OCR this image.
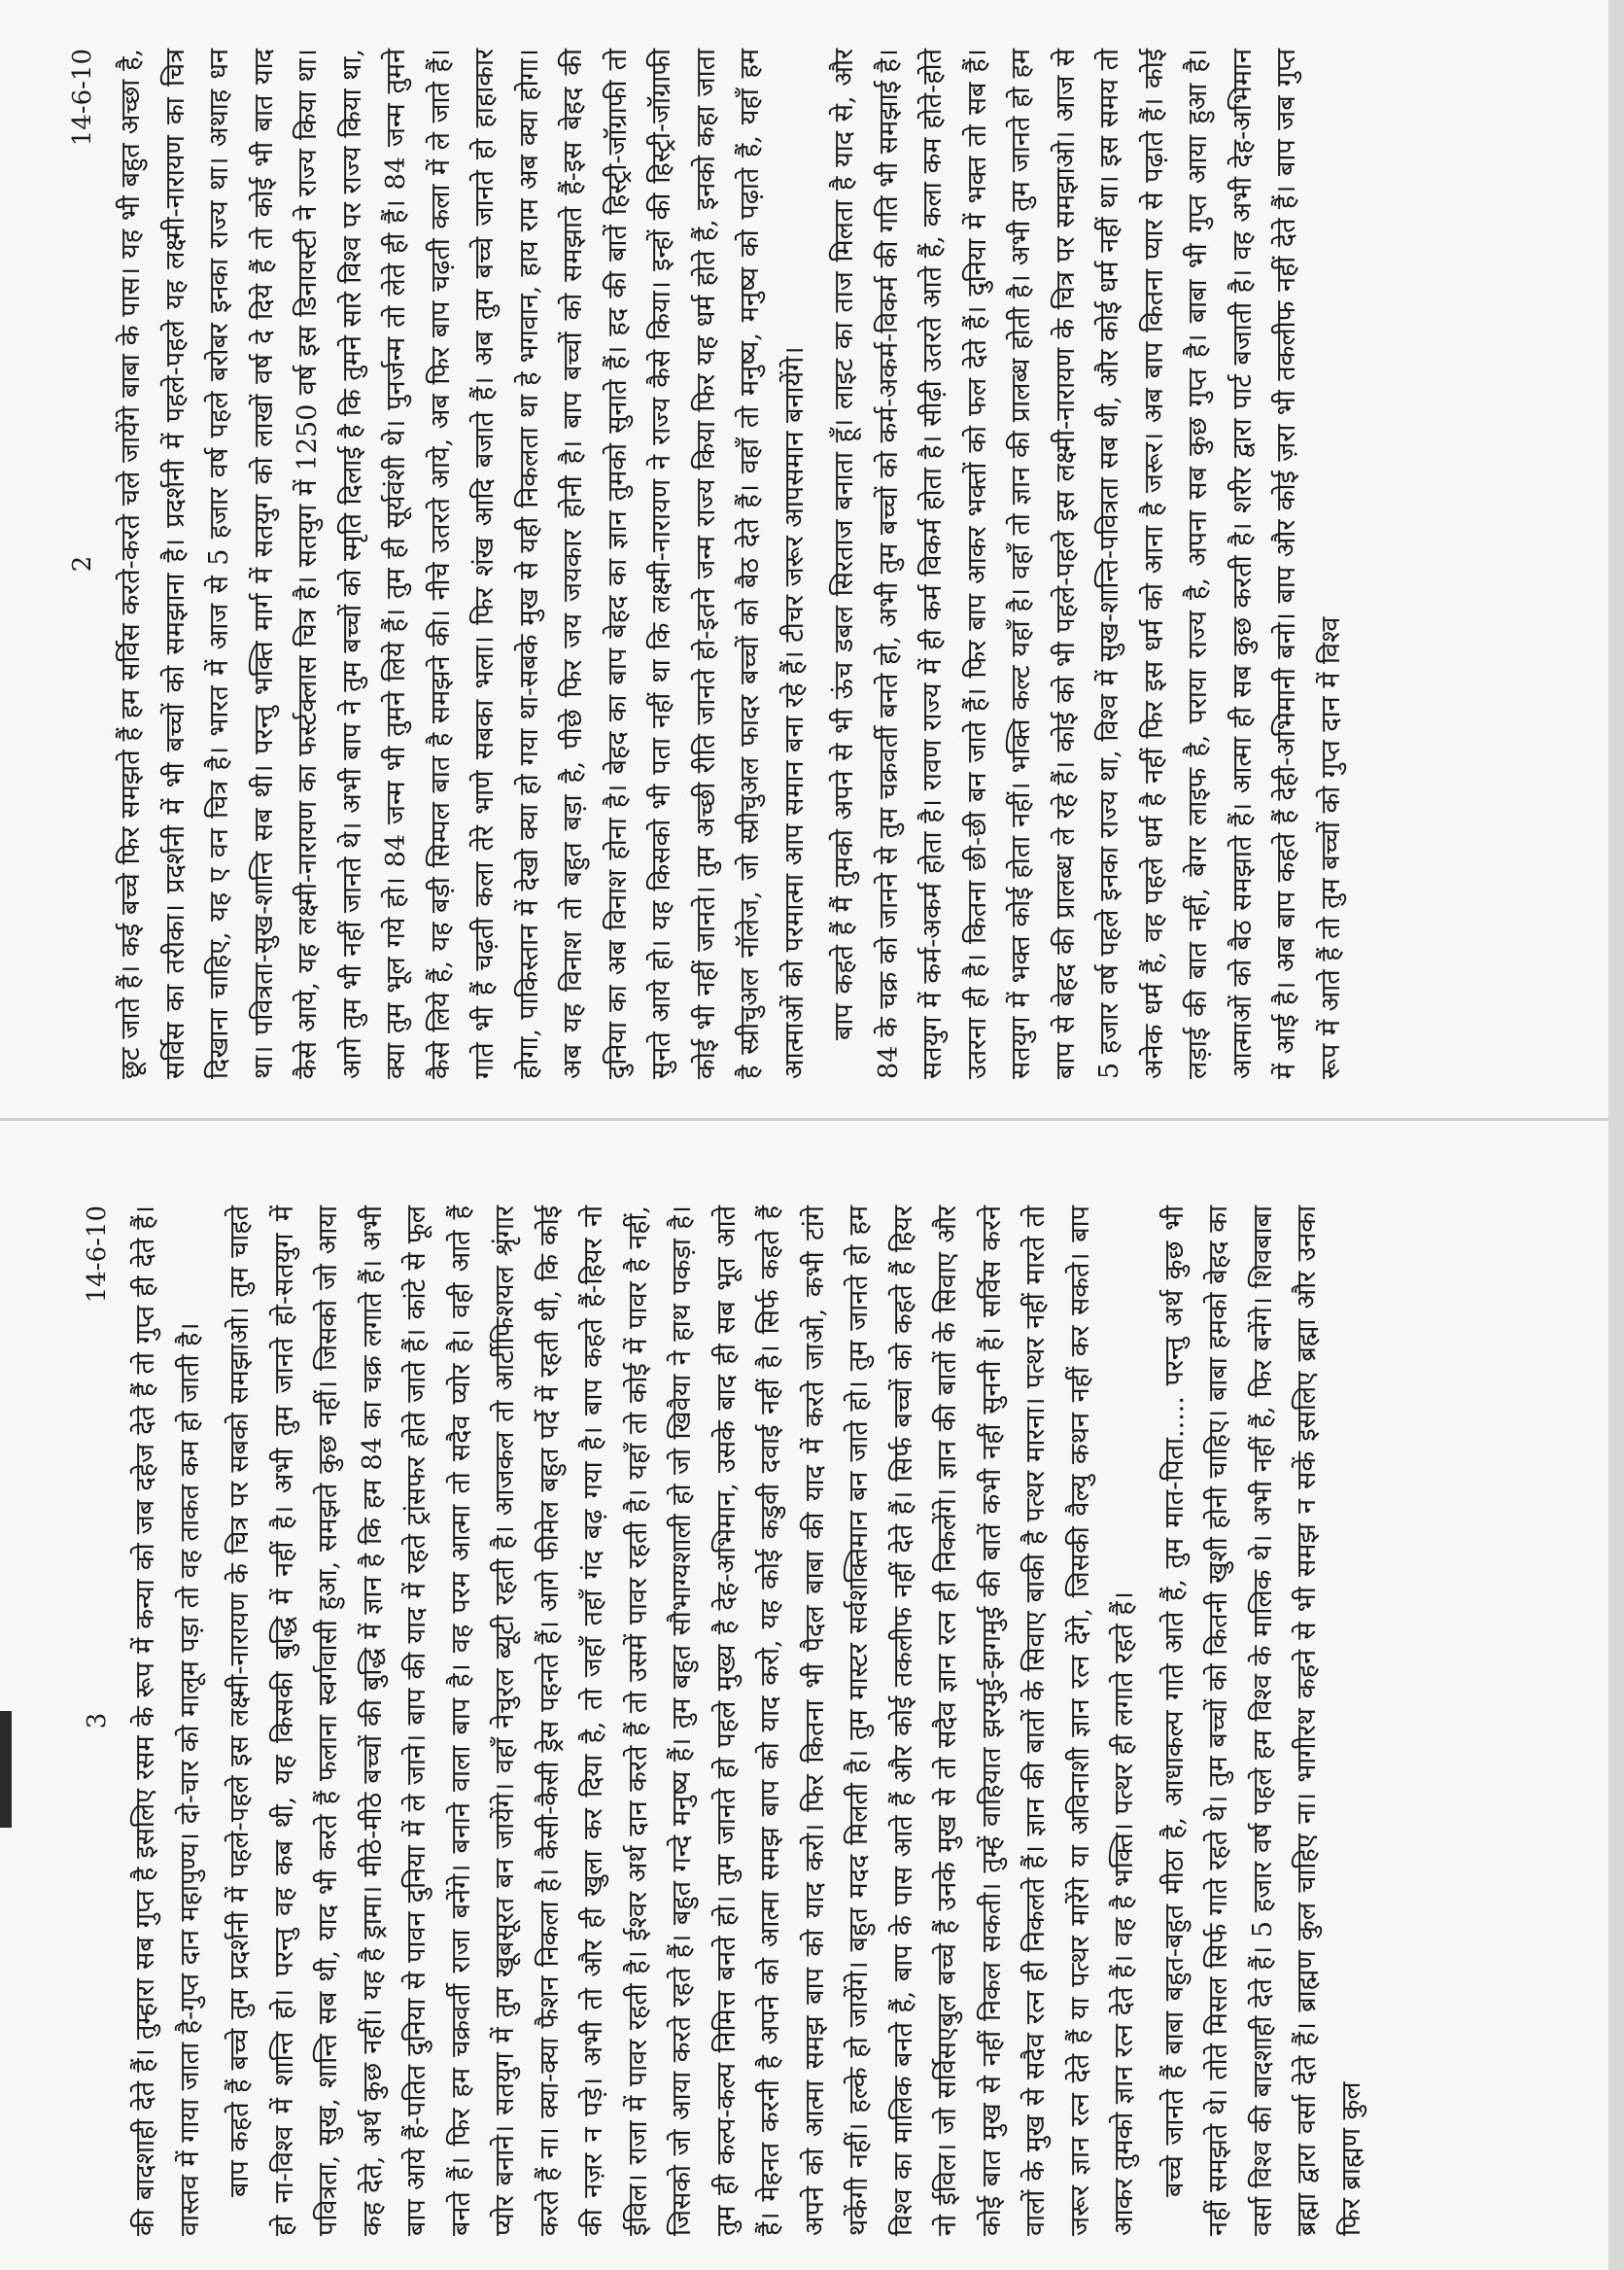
2
14-6-10 छूट जाते हैं। कई बच्चे फिर समझते हैं हम सर्विस करते-करते चले जायेंगे बाबा के पास। यह भी बहुत अच्छा है, सर्विस का तरीका। प्रदर्शनी में भी बच्चों को समझाना है। प्रदर्शनी में पहले-पहले यह लक्ष्मी-नारायण का चित्र दिखाना चाहिए, यह ए वन चित्र है। भारत में आज से 5 हजार वर्ष पहले बरोबर इनका राज्य था। अथाह धन था। पवित्रता-सुख-शान्ति सब थी। परन्तु भक्ति मार्ग में सतयुग को लाखों वर्ष दे दिये हैं तो कोई भी बात याद कैसे आये, यह लक्ष्मी-नारायण का फर्स्टक्लास चित्र है। सतयुग में 1250 वर्ष इस डिनायस्टी ने राज्य किया था। आगे तुम भी नहीं जानते थे। अभी बाप ने तुम बच्चों को स्मृति दिलाई है कि तुमने सारे विश्व पर राज्य किया था, क्या तुम भूल गये हो। 84 जन्म भी तुमने लिये हैं। तुम ही सूर्यवंशी थे। पुनर्जन्म तो लेते ही हैं। 84 जन्म तुमने कैसे लिये हैं, यह बड़ी सिम्पल बात है समझने की। नीचे उतरते आये, अब फिर बाप चढ़ती कला में ले जाते हैं। गाते भी हैं चढ़ती कला तेरे भाणे सबका भला। फिर शंख आदि बजाते हैं। अब तुम बच्चे जानते हो हाहाकार होगा, पाकिस्तान में देखो क्या हो गया था-सबके मुख से यही निकलता था हे भगवान, हाय राम अब क्या होगा। अब यह विनाश तो बहुत बड़ा है, पीछे फिर जय जयकार होनी है। बाप बच्चों को समझाते हैं-इस बेहद की दुनिया का अब विनाश होना है। बेहद का बाप बेहद का ज्ञान तुमको सुनाते हैं। हद की बातें हिस्ट्री-जॉग्राफी तो सुनते आये हो। यह किसको भी पता नहीं था कि लक्ष्मी-नारायण ने राज्य कैसे किया। इन्हों की हिस्ट्री-जॉग्राफी कोई भी नहीं जानते। तुम अच्छी रीति जानते हो-इतने जन्म राज्य किया फिर यह धर्म होते हैं, इनको कहा जाता है स्प्रीचुअल नॉलेज, जो स्प्रीचुअल फादर बच्चों को बैठ देते हैं। वहाँ तो मनुष्य, मनुष्य को पढ़ाते हैं, यहाँ हम आत्माओं को परमात्मा आप समान बना रहे हैं। टीचर जरूर आपसमान बनायेंगे। बाप कहते हैं मैं तुमको अपने से भी ऊंच डबल सिरताज बनाता हूँ। लाइट का ताज मिलता है याद से, और 84 के चक्र को जानने से तुम चक्रवर्ती बनते हो, अभी तुम बच्चों को कर्म-अकर्म-विकर्म की गति भी समझाई है। सतयुग में कर्म-अकर्म होता है। रावण राज्य में ही कर्म विकर्म होता है। सीढ़ी उतरते आते हैं, कला कम होते-होते उतरना ही है। कितना छी-छी बन जाते हैं। फिर बाप आकर भक्तों को फल देते हैं। दुनिया में भक्त तो सब हैं। सतयुग में भक्त कोई होता नहीं। भक्ति कल्ट यहाँ है। वहाँ तो ज्ञान की प्रालब्ध होती है। अभी तुम जानते हो हम बाप से बेहद की प्रालब्ध ले रहे हैं। कोई को भी पहले-पहले इस लक्ष्मी-नारायण के चित्र पर समझाओ। आज से 5 हजार वर्ष पहले इनका राज्य था, विश्व में सुख-शान्ति-पवित्रता सब थी, और कोई धर्म नहीं था। इस समय तो अनेक धर्म हैं, वह पहले धर्म है नहीं फिर इस धर्म को आना है जरूर। अब बाप कितना प्यार से पढ़ाते हैं। कोई लड़ाई की बात नहीं, बेगर लाइफ है, पराया राज्य है, अपना सब कुछ गुप्त है। बाबा भी गुप्त आया हुआ है। आत्माओं को बैठ समझाते हैं। आत्मा ही सब कुछ करती है। शरीर द्वारा पार्ट बजाती है। वह अभी देह-अभिमान में आई है। अब बाप कहते हैं देही-अभिमानी बनो। बाप और कोई ज़रा भी तकलीफ नहीं देते हैं। बाप जब गुप्त रूप में आते हैं तो तुम बच्चों को गुप्त दान में विश्व

3
14-6-10 की बादशाही देते हैं। तुम्हारा सब गुप्त है इसलिए रसम के रूप में कन्या को जब दहेज देते हैं तो गुप्त ही देते हैं। वास्तव में गाया जाता है-गुप्त दान महापुण्य। दो-चार को मालूम पड़ा तो वह ताकत कम हो जाती है। बाप कहते हैं बच्चे तुम प्रदर्शनी में पहले-पहले इस लक्ष्मी-नारायण के चित्र पर सबको समझाओ। तुम चाहते हो ना-विश्व में शान्ति हो। परन्तु वह कब थी, यह किसकी बुद्धि में नहीं है। अभी तुम जानते हो-सतयुग में पवित्रता, सुख, शान्ति सब थी, याद भी करते हैं फलाना स्वर्गवासी हुआ, समझते कुछ नहीं। जिसको जो आया कह देते, अर्थ कुछ नहीं। यह है ड्रामा। मीठे-मीठे बच्चों की बुद्धि में ज्ञान है कि हम 84 का चक्र लगाते हैं। अभी बाप आये हैं-पतित दुनिया से पावन दुनिया में ले जाने। बाप की याद में रहते ट्रांसफर होते जाते हैं। कांटे से फूल बनते हैं। फिर हम चक्रवर्ती राजा बनेंगे। बनाने वाला बाप है। वह परम आत्मा तो सदैव प्योर है। वही आते हैं प्योर बनाने। सतयुग में तुम खूबसूरत बन जायेंगे। वहाँ नेचुरल ब्यूटी रहती है। आजकल तो आर्टीफिशयल श्रृंगार करते हैं ना। क्या-क्या फैशन निकला है। कैसी-कैसी ड्रेस पहनते हैं। आगे फीमेल बहुत पर्दे में रहती थी, कि कोई की नज़र न पड़े। अभी तो और ही खुला कर दिया है, तो जहाँ तहाँ गंद बढ़ गया है। बाप कहते हैं-हियर नो ईविल। राजा में पावर रहती है। ईश्वर अर्थ दान करते हैं तो उसमें पावर रहती है। यहाँ तो कोई में पावर है नहीं, जिसको जो आया करते रहते हैं। बहुत गन्दे मनुष्य हैं। तुम बहुत सौभाग्यशाली हो जो खिवैया ने हाथ पकड़ा है। तुम ही कल्प-कल्प निमित्त बनते हो। तुम जानते हो पहले मुख्य है देह-अभिमान, उसके बाद ही सब भूत आते हैं। मेहनत करनी है अपने को आत्मा समझ बाप को याद करो, यह कोई कडुवी दवाई नहीं है। सिर्फ कहते हैं अपने को आत्मा समझ बाप को याद करो। फिर कितना भी पैदल बाबा की याद में करते जाओ, कभी टांगे थकेंगी नहीं। हल्के हो जायेंगे। बहुत मदद मिलती है। तुम मास्टर सर्वशक्तिमान बन जाते हो। तुम जानते हो हम विश्व का मालिक बनते हैं, बाप के पास आते हैं और कोई तकलीफ नहीं देते हैं। सिर्फ बच्चों को कहते हैं हियर नो ईविल। जो सर्विसएबुल बच्चे हैं उनके मुख से तो सदैव ज्ञान रत्न ही निकलेंगे। ज्ञान की बातों के सिवाए और कोई बात मुख से नहीं निकल सकती। तुम्हें वाहियात झरमुई-झगमुई की बातें कभी नहीं सुननी हैं। सर्विस करने वालों के मुख से सदैव रत्न ही निकलते हैं। ज्ञान की बातों के सिवाए बाकी है पत्थर मारना। पत्थर नहीं मारते तो जरूर ज्ञान रत्न देते हैं या पत्थर मारेंगे या अविनाशी ज्ञान रत्न देंगे, जिसकी वैल्यु कथन नहीं कर सकते। बाप आकर तुमको ज्ञान रत्न देते हैं। वह है भक्ति। पत्थर ही लगाते रहते हैं। बच्चे जानते हैं बाबा बहुत-बहुत मीठा है, आधाकल्प गाते आते हैं, तुम मात-पिता..... परन्तु अर्थ कुछ भी नहीं समझते थे। तोते मिसल सिर्फ गाते रहते थे। तुम बच्चों को कितनी खुशी होनी चाहिए। बाबा हमको बेहद का वर्सा विश्व की बादशाही देते हैं। 5 हजार वर्ष पहले हम विश्व के मालिक थे। अभी नहीं हैं, फिर बनेंगे। शिवबाबा ब्रह्मा द्वारा वर्सा देते हैं। ब्राह्मण कुल चाहिए ना। भागीरथ कहने से भी समझ न सकें इसलिए ब्रह्मा और उनका फिर ब्राह्मण कुल
